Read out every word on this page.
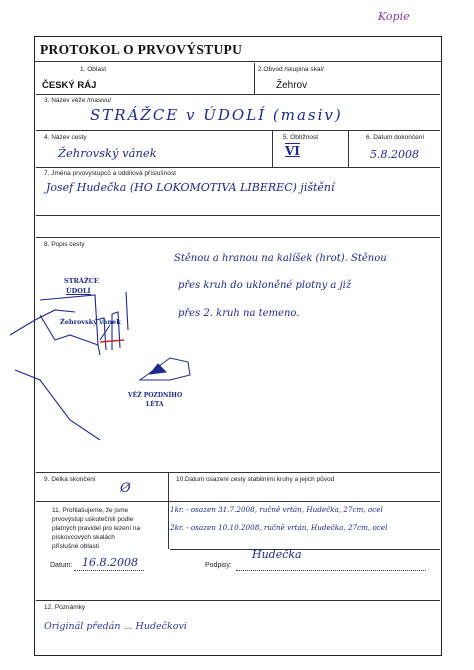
Kopie
PROTOKOL O PRVOVÝSTUPU
1. Oblast	2.Obvod /skupina skal/
ČESKÝ RÁJ	Žehrov
3. Název věže /masivu/
STRÁŽCE v ÚDOLÍ (masiv)
4. Název cesty	5. Obtížnost	6. Datum dokončení
Žehrovský vánek	VI	5.8.2008
7. Jména prvovýstupců a oddílová příslušnost
Josef Hudečka (HO LOKOMOTIVA LIBEREC) jištění
8. Popis cesty
Stěnou a hranou na kalíšek (hrot). Stěnou
přes kruh do ukloněné plotny a již
přes 2. kruh na temeno.
STRÁŽCE
ÚDOLÍ
Žehrovský vánek
VĚŽ POZDNÍHO
LÉTA
9. Délka skončení	10.Datum osazení cesty stabilními kruhy a jejich původ
Ø
11. Prohlašujeme, že jsme
prvovýstup uskutečnili podle
platných pravidel pro lezení na
pískovcových skalách
příslušné oblasti
1kr. - osazen 31.7.2008, ručně vrtán, Hudečka, 27cm, ocel
2kr. - osazen 10.10.2008, ručně vrtán, Hudečka, 27cm, ocel
Datum: 16.8.2008	Podpisy:
Hudečka
12. Poznámky
Originál předán ... Hudečkovi
